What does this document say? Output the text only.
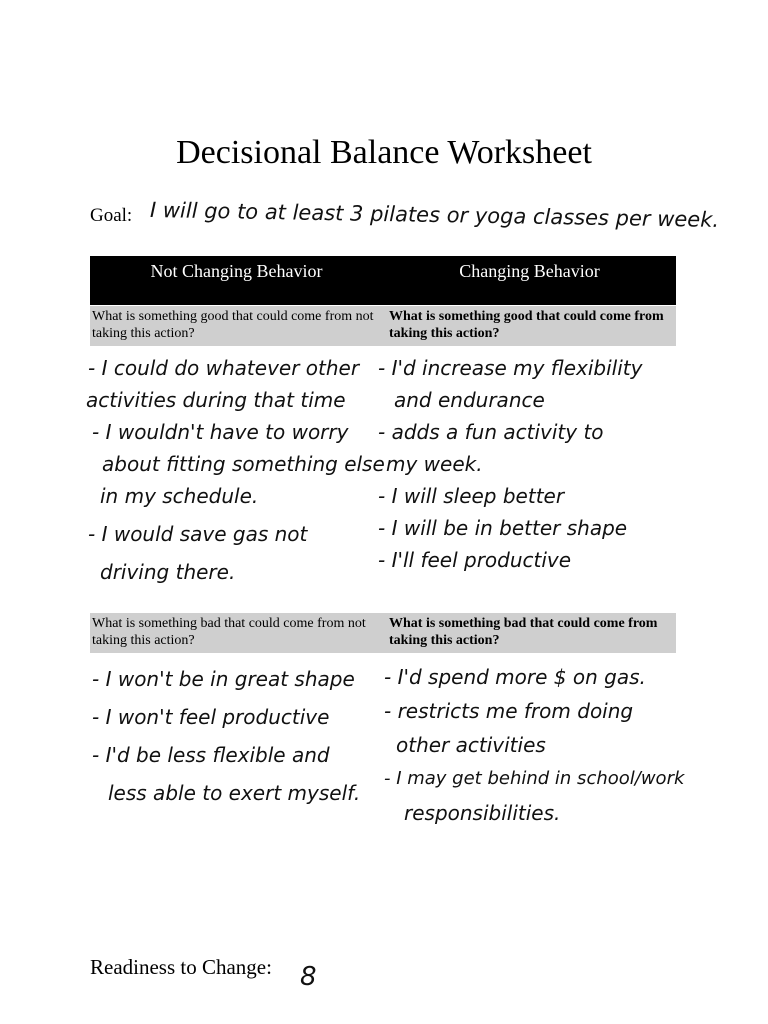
Decisional Balance Worksheet
Goal: I will go to at least 3 pilates or yoga classes per week.
Not Changing Behavior	Changing Behavior
What is something good that could come from not taking this action?
What is something good that could come from taking this action?
- I could do whatever other
activities during that time
- I wouldn't have to worry
about fitting something else
in my schedule.
- I would save gas not
driving there.
- I'd increase my flexibility
and endurance
- adds a fun activity to
my week.
- I will sleep better
- I will be in better shape
- I'll feel productive
What is something bad that could come from not taking this action?
What is something bad that could come from taking this action?
- I won't be in great shape
- I won't feel productive
- I'd be less flexible and
less able to exert myself.
- I'd spend more $ on gas.
- restricts me from doing
other activities
- I may get behind in school/work
responsibilities.
Readiness to Change: 8
